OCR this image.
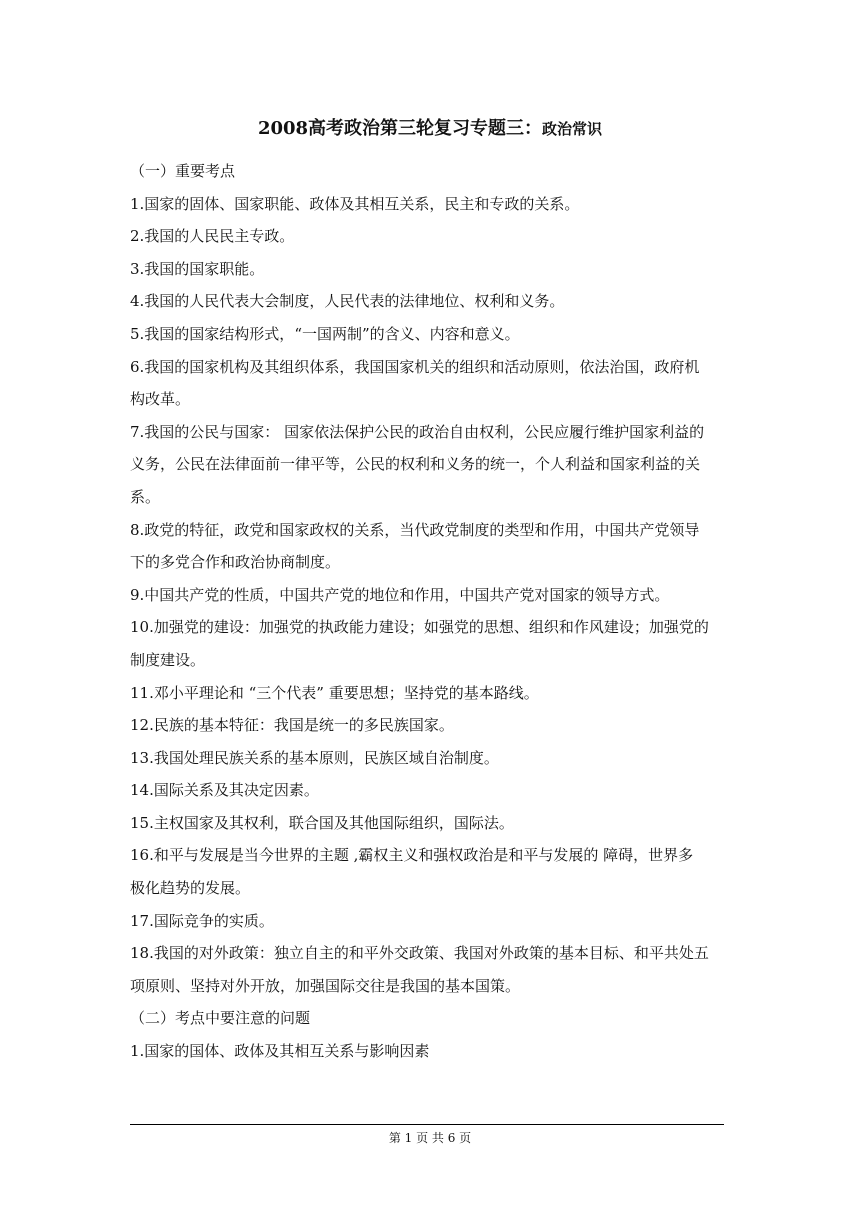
2008高考政治第三轮复习专题三：政治常识

（一）重要考点

1.国家的固体、国家职能、政体及其相互关系，民主和专政的关系。

2.我国的人民民主专政。

3.我国的国家职能。

4.我国的人民代表大会制度，人民代表的法律地位、权利和义务。

5.我国的国家结构形式，“一国两制”的含义、内容和意义。

6.我国的国家机构及其组织体系，我国国家机关的组织和活动原则，依法治国，政府机

构改革。

7.我国的公民与国家： 国家依法保护公民的政治自由权利，公民应履行维护国家利益的

义务，公民在法律面前一律平等，公民的权利和义务的统一，个人利益和国家利益的关

系。

8.政党的特征，政党和国家政权的关系，当代政党制度的类型和作用，中国共产党领导

下的多党合作和政治协商制度。

9.中国共产党的性质，中国共产党的地位和作用，中国共产党对国家的领导方式。

10.加强党的建设：加强党的执政能力建设；如强党的思想、组织和作风建设；加强党的

制度建设。

11.邓小平理论和 “三个代表” 重要思想；坚持党的基本路线。

12.民族的基本特征：我国是统一的多民族国家。

13.我国处理民族关系的基本原则，民族区域自治制度。

14.国际关系及其决定因素。

15.主权国家及其权利，联合国及其他国际组织，国际法。

16.和平与发展是当今世界的主题 ,霸权主义和强权政治是和平与发展的 障碍，世界多

极化趋势的发展。

17.国际竞争的实质。

18.我国的对外政策：独立自主的和平外交政策、我国对外政策的基本目标、和平共处五

项原则、坚持对外开放，加强国际交往是我国的基本国策。

（二）考点中要注意的问题

1.国家的国体、政体及其相互关系与影响因素

第 1 页 共 6 页
